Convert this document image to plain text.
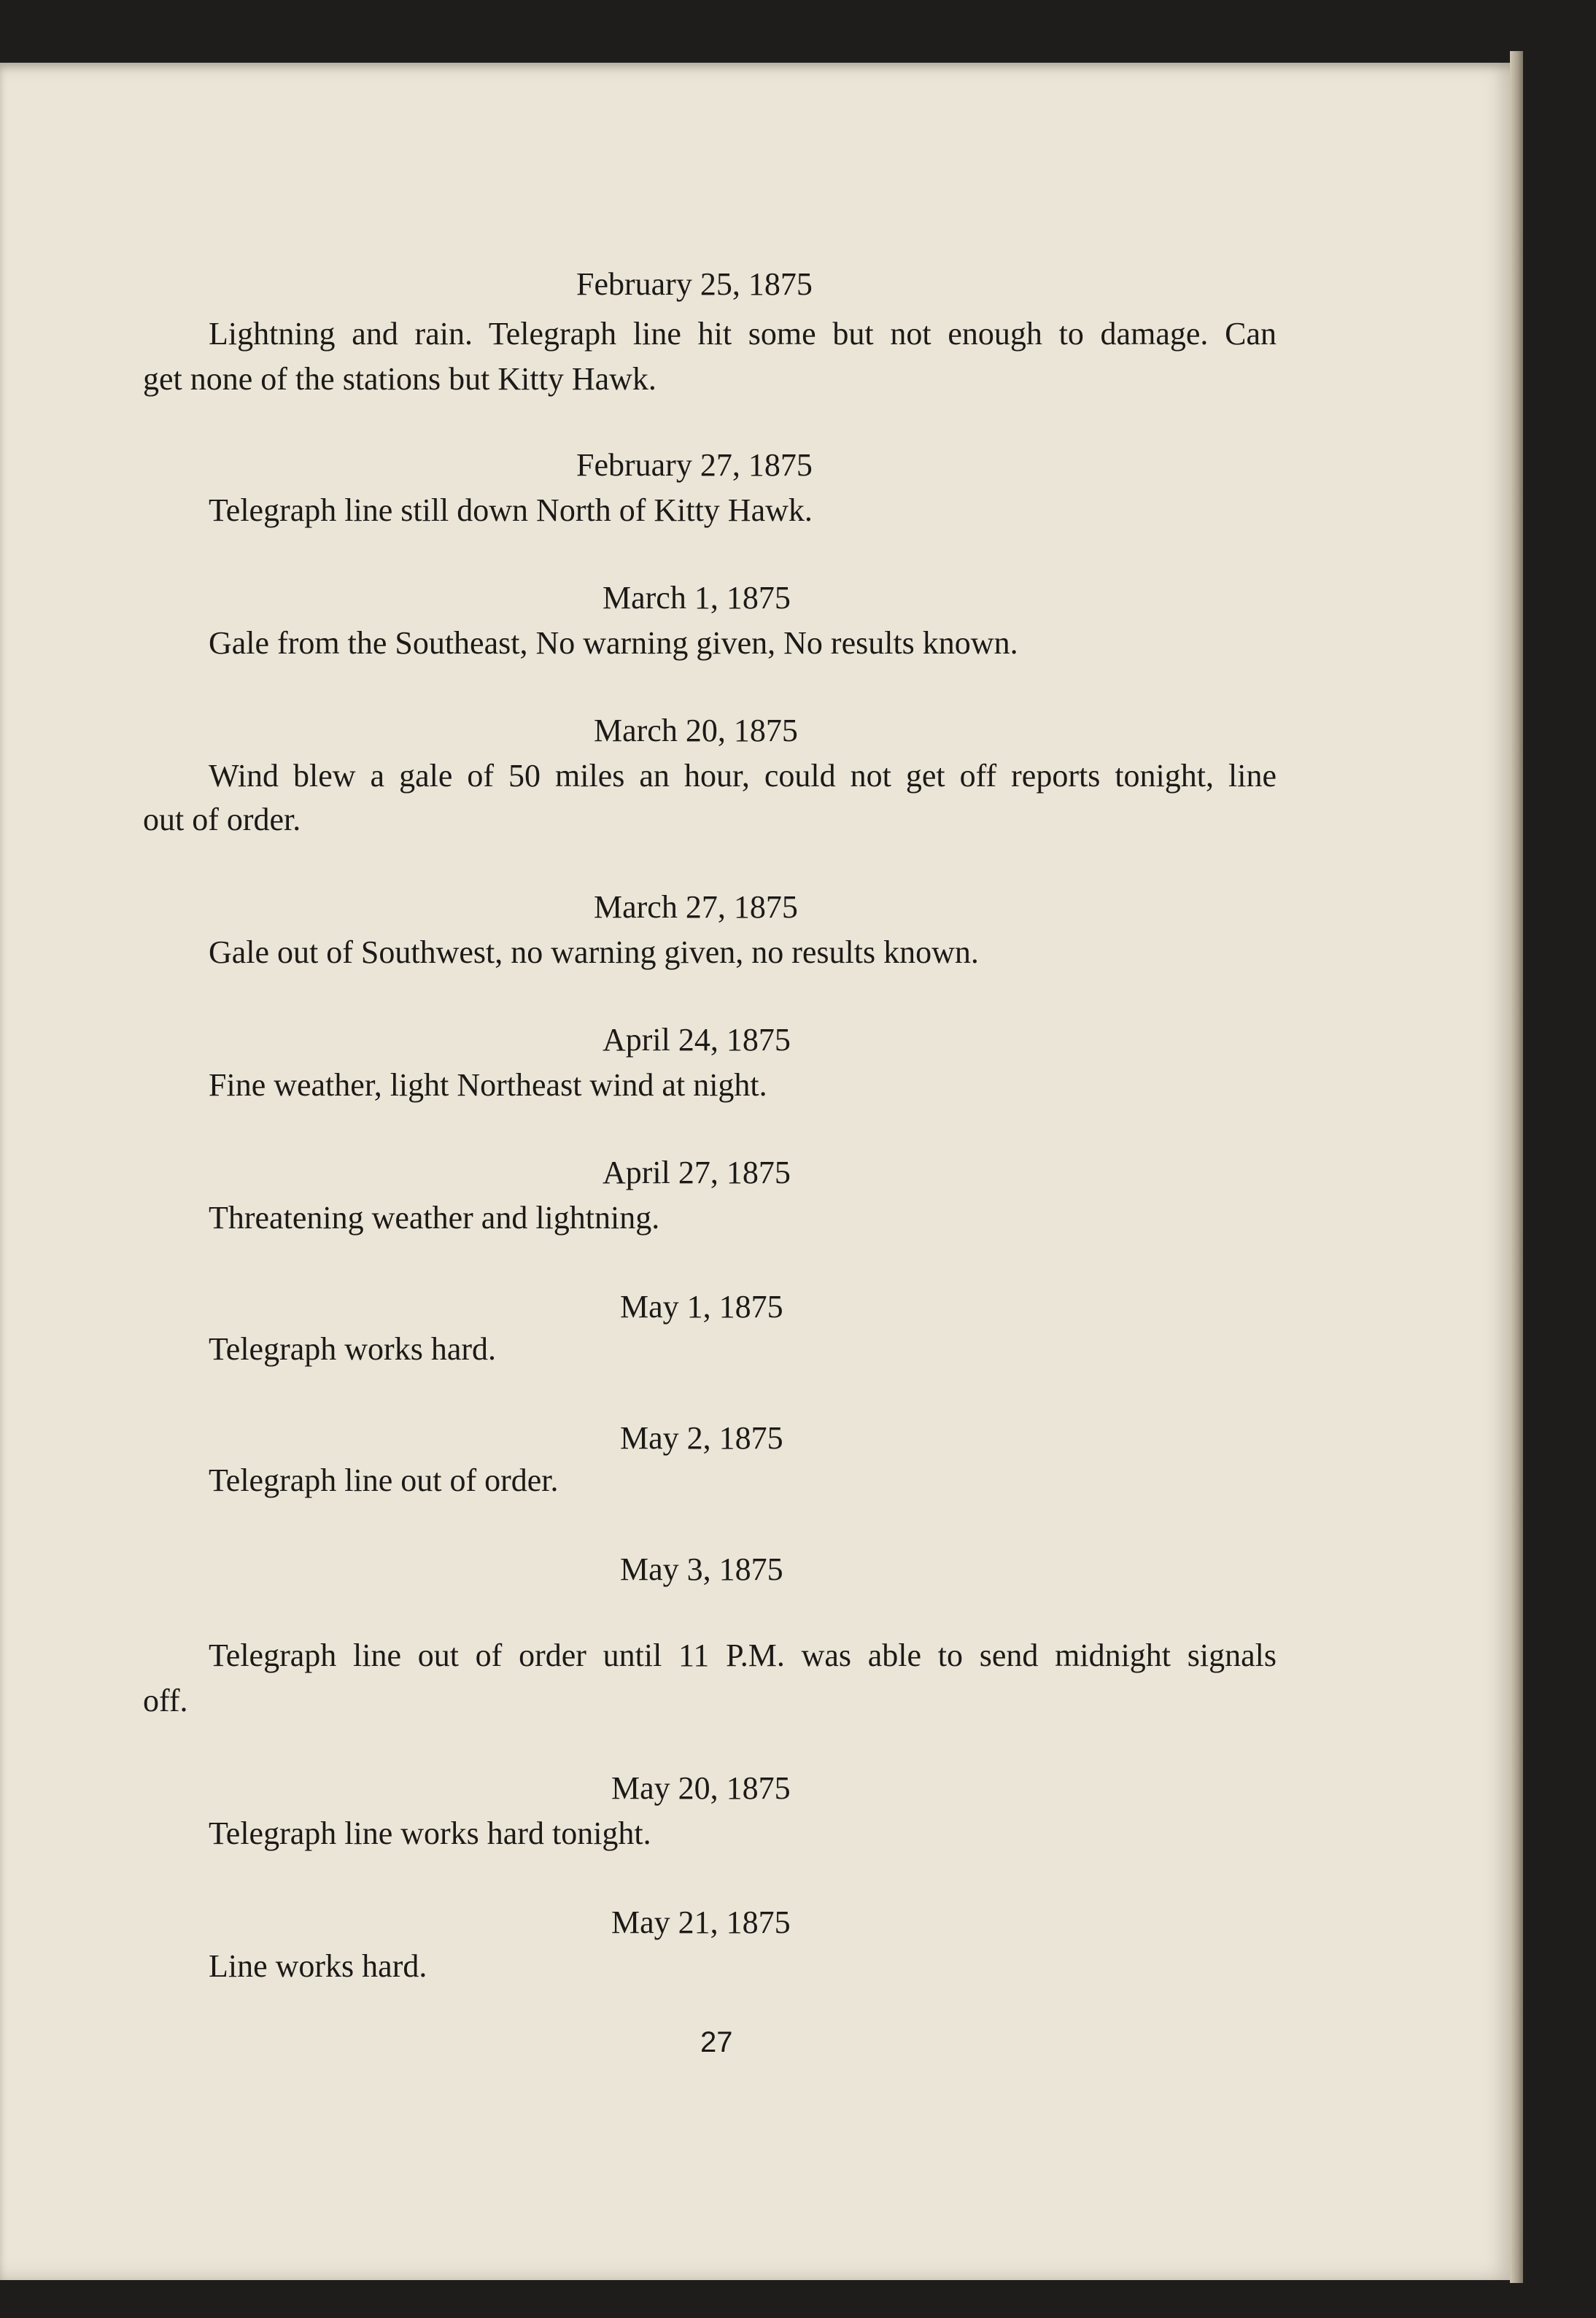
February 25, 1875
Lightning and rain. Telegraph line hit some but not enough to damage. Can
get none of the stations but Kitty Hawk.
February 27, 1875
Telegraph line still down North of Kitty Hawk.
March 1, 1875
Gale from the Southeast, No warning given, No results known.
March 20, 1875
Wind blew a gale of 50 miles an hour, could not get off reports tonight, line
out of order.
March 27, 1875
Gale out of Southwest, no warning given, no results known.
April 24, 1875
Fine weather, light Northeast wind at night.
April 27, 1875
Threatening weather and lightning.
May 1, 1875
Telegraph works hard.
May 2, 1875
Telegraph line out of order.
May 3, 1875
Telegraph line out of order until 11 P.M. was able to send midnight signals
off.
May 20, 1875
Telegraph line works hard tonight.
May 21, 1875
Line works hard.
27
